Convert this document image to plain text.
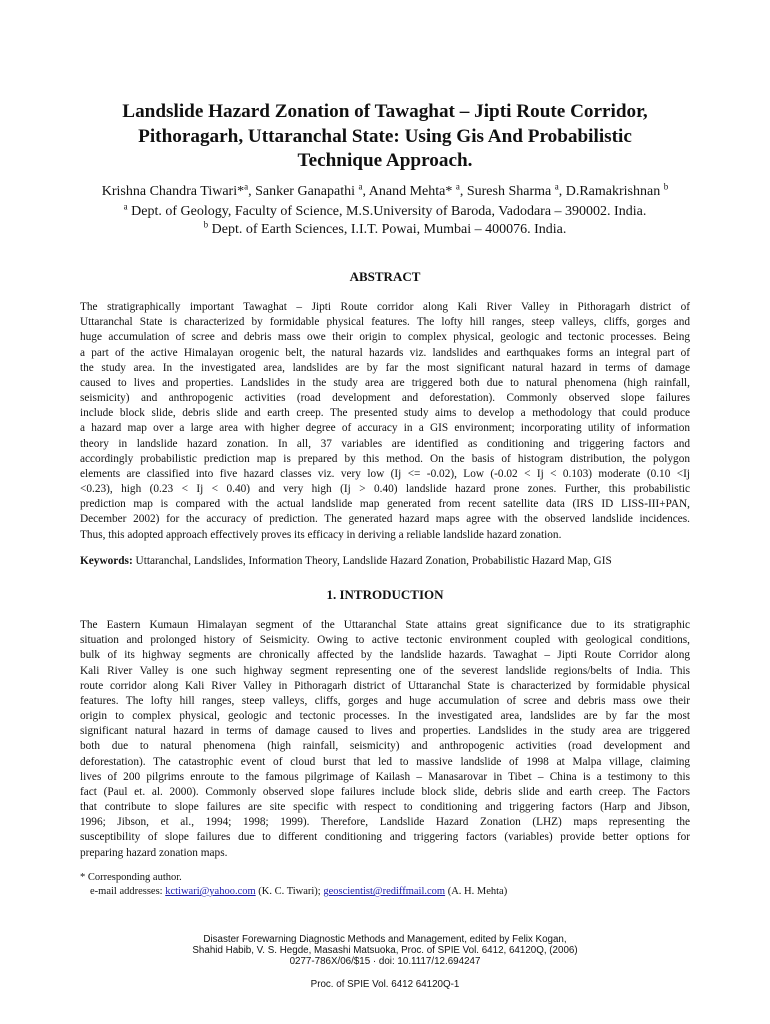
Landslide Hazard Zonation of Tawaghat – Jipti Route Corridor,
Pithoragarh, Uttaranchal State: Using Gis And Probabilistic
Technique Approach.
Krishna Chandra Tiwari*$^a$, Sanker Ganapathi $^a$, Anand Mehta* $^a$, Suresh Sharma $^a$, D.Ramakrishnan $^b$
$^a$ Dept. of Geology, Faculty of Science, M.S.University of Baroda, Vadodara – 390002. India.
$^b$ Dept. of Earth Sciences, I.I.T. Powai, Mumbai – 400076. India.
ABSTRACT
The stratigraphically important Tawaghat – Jipti Route corridor along Kali River Valley in Pithoragarh district of
Uttaranchal State is characterized by formidable physical features. The lofty hill ranges, steep valleys, cliffs, gorges and
huge accumulation of scree and debris mass owe their origin to complex physical, geologic and tectonic processes. Being
a part of the active Himalayan orogenic belt, the natural hazards viz. landslides and earthquakes forms an integral part of
the study area. In the investigated area, landslides are by far the most significant natural hazard in terms of damage
caused to lives and properties. Landslides in the study area are triggered both due to natural phenomena (high rainfall,
seismicity) and anthropogenic activities (road development and deforestation). Commonly observed slope failures
include block slide, debris slide and earth creep. The presented study aims to develop a methodology that could produce
a hazard map over a large area with higher degree of accuracy in a GIS environment; incorporating utility of information
theory in landslide hazard zonation. In all, 37 variables are identified as conditioning and triggering factors and
accordingly probabilistic prediction map is prepared by this method. On the basis of histogram distribution, the polygon
elements are classified into five hazard classes viz. very low (Ij <= -0.02), Low (-0.02 < Ij < 0.103) moderate (0.10 <Ij
<0.23), high (0.23 < Ij < 0.40) and very high (Ij > 0.40) landslide hazard prone zones. Further, this probabilistic
prediction map is compared with the actual landslide map generated from recent satellite data (IRS ID LISS-III+PAN,
December 2002) for the accuracy of prediction. The generated hazard maps agree with the observed landslide incidences.
Thus, this adopted approach effectively proves its efficacy in deriving a reliable landslide hazard zonation.
Keywords: Uttaranchal, Landslides, Information Theory, Landslide Hazard Zonation, Probabilistic Hazard Map, GIS
1. INTRODUCTION
The Eastern Kumaun Himalayan segment of the Uttaranchal State attains great significance due to its stratigraphic
situation and prolonged history of Seismicity. Owing to active tectonic environment coupled with geological conditions,
bulk of its highway segments are chronically affected by the landslide hazards. Tawaghat – Jipti Route Corridor along
Kali River Valley is one such highway segment representing one of the severest landslide regions/belts of India. This
route corridor along Kali River Valley in Pithoragarh district of Uttaranchal State is characterized by formidable physical
features. The lofty hill ranges, steep valleys, cliffs, gorges and huge accumulation of scree and debris mass owe their
origin to complex physical, geologic and tectonic processes. In the investigated area, landslides are by far the most
significant natural hazard in terms of damage caused to lives and properties. Landslides in the study area are triggered
both due to natural phenomena (high rainfall, seismicity) and anthropogenic activities (road development and
deforestation). The catastrophic event of cloud burst that led to massive landslide of 1998 at Malpa village, claiming
lives of 200 pilgrims enroute to the famous pilgrimage of Kailash – Manasarovar in Tibet – China is a testimony to this
fact (Paul et. al. 2000). Commonly observed slope failures include block slide, debris slide and earth creep. The Factors
that contribute to slope failures are site specific with respect to conditioning and triggering factors (Harp and Jibson,
1996; Jibson, et al., 1994; 1998; 1999). Therefore, Landslide Hazard Zonation (LHZ) maps representing the
susceptibility of slope failures due to different conditioning and triggering factors (variables) provide better options for
preparing hazard zonation maps.
* Corresponding author.
e-mail addresses: kctiwari@yahoo.com (K. C. Tiwari); geoscientist@rediffmail.com (A. H. Mehta)
Disaster Forewarning Diagnostic Methods and Management, edited by Felix Kogan,
Shahid Habib, V. S. Hegde, Masashi Matsuoka, Proc. of SPIE Vol. 6412, 64120Q, (2006)
0277-786X/06/$15 · doi: 10.1117/12.694247
Proc. of SPIE Vol. 6412 64120Q-1
